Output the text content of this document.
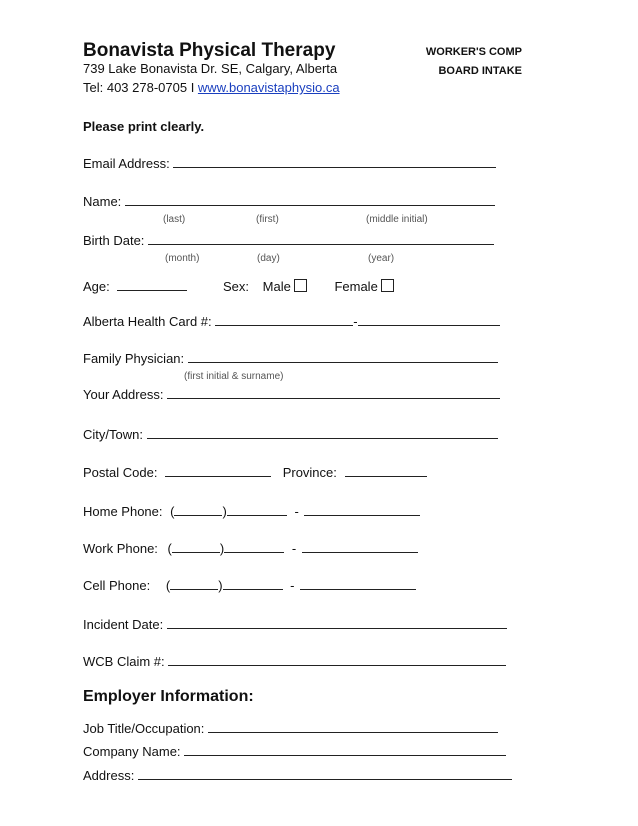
Bonavista Physical Therapy
739 Lake Bonavista Dr. SE, Calgary, Alberta
Tel: 403 278-0705 I www.bonavistaphysio.ca
WORKER'S COMP
BOARD INTAKE
Please print clearly.
Email Address:
Name:
(last)	(first)	(middle initial)
Birth Date:
(month)	(day)	(year)
Age:	Sex: Male	Female
Alberta Health Card #:	-
Family Physician:
(first initial & surname)
Your Address:
City/Town:
Postal Code:	Province:
Home Phone: (	)	-
Work Phone: (	)	-
Cell Phone: (	)	-
Incident Date:
WCB Claim #:
Employer Information:
Job Title/Occupation:
Company Name:
Address:
